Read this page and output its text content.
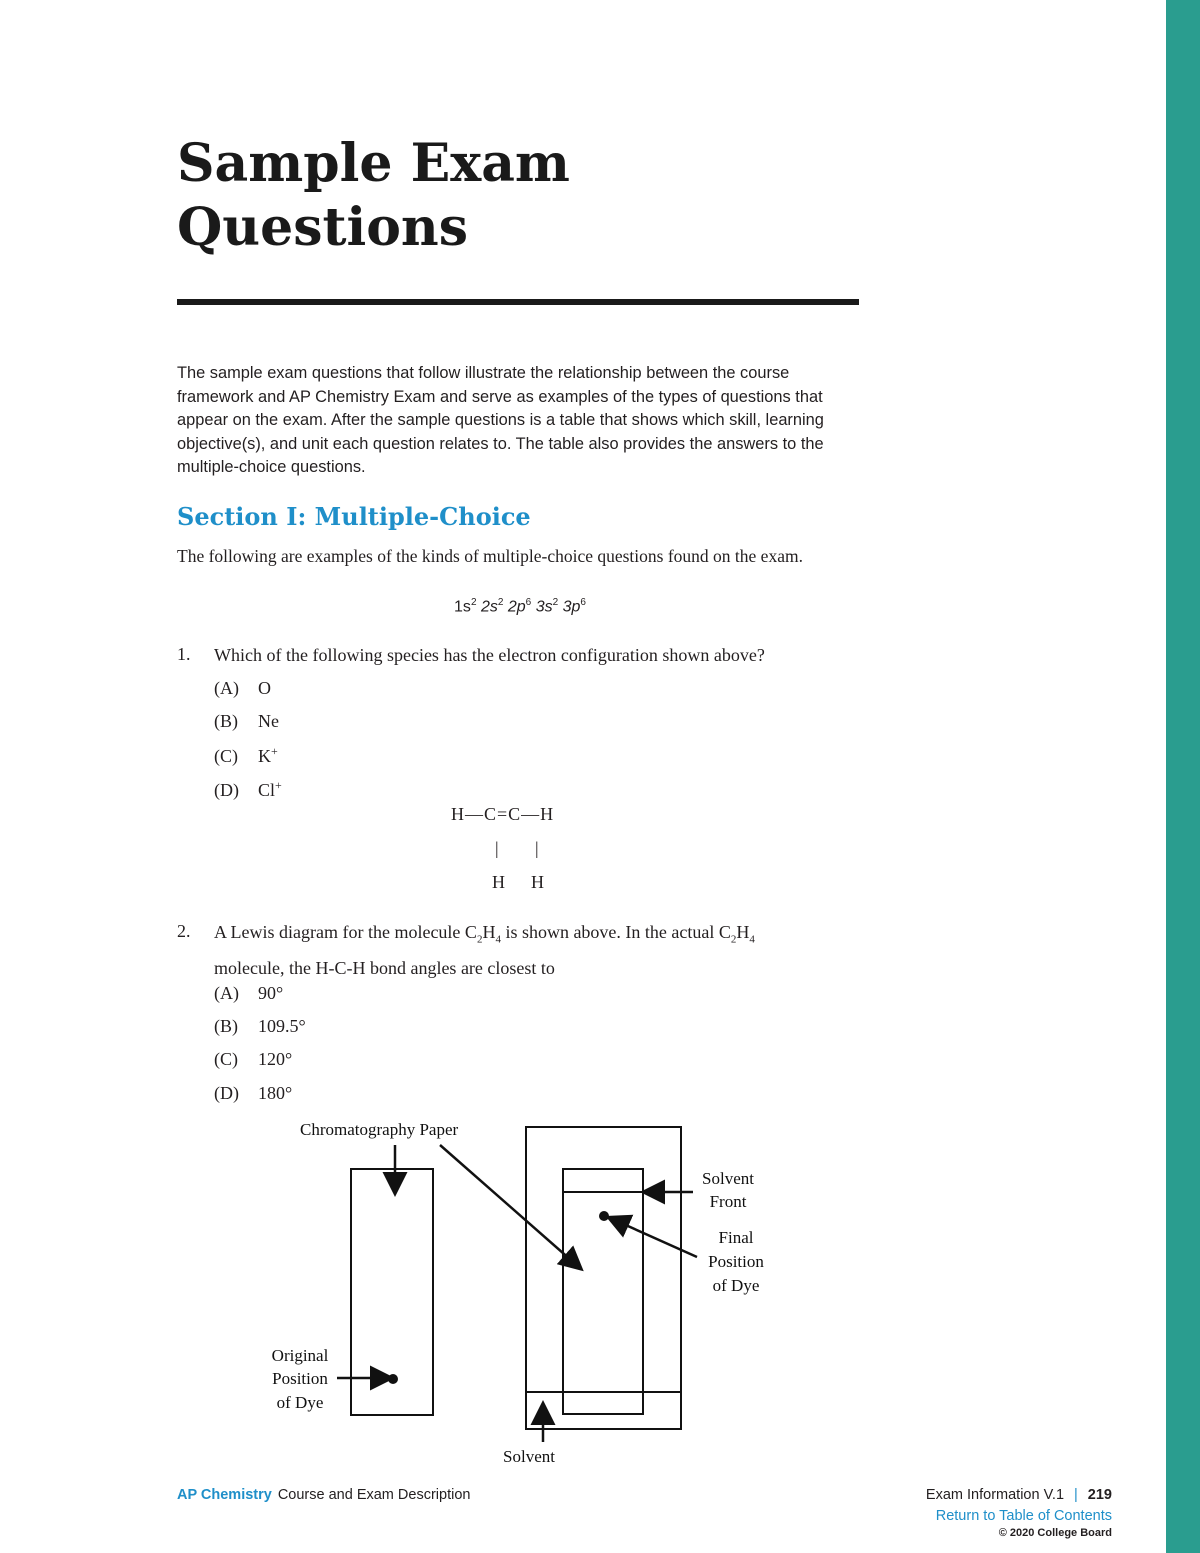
Sample Exam
Questions

The sample exam questions that follow illustrate the relationship between the course framework and AP Chemistry Exam and serve as examples of the types of questions that appear on the exam. After the sample questions is a table that shows which skill, learning objective(s), and unit each question relates to. The table also provides the answers to the multiple-choice questions.

Section I: Multiple-Choice

The following are examples of the kinds of multiple-choice questions found on the exam.

$1s^2$ $2s^2$ $2p^6$ $3s^2$ $3p^6$
1. Which of the following species has the electron configuration shown above?
(A) O
(B) Ne
(C) K+
(D) Cl+
H—C=C—H
| |
H H
2. A Lewis diagram for the molecule $C_2H_4$ is shown above. In the actual $C_2H_4$
molecule, the H-C-H bond angles are closest to
(A) 90°
(B) 109.5°
(C) 120°
(D) 180°
Chromatography Paper
Solvent
Front
Final
Position
of Dye
Original
Position
of Dye
Solvent
AP Chemistry Course and Exam Description	Exam Information V.1 | 219
Return to Table of Contents
© 2020 College Board
